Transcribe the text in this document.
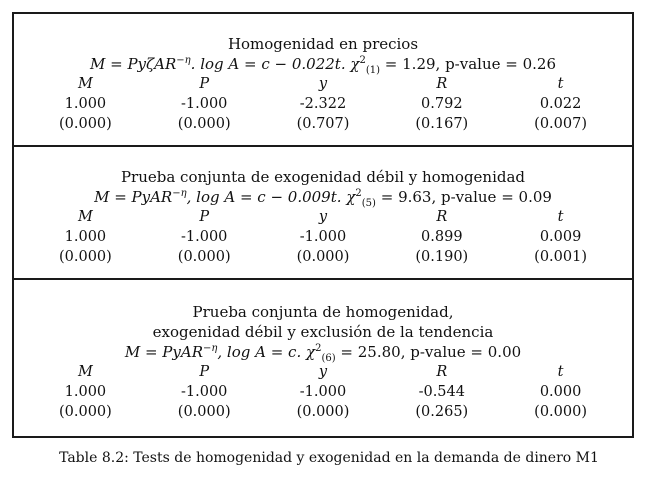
Homogenidad en precios
M = PyζAR$^{-\eta}$. log A = c − 0.022t. $\chi^2_{(1)} = 1.29$, p-value = 0.26
M	P	y	R	t
1.000	-1.000	-2.322	0.792	0.022
(0.000)	(0.000)	(0.707)	(0.167)	(0.007)
Prueba conjunta de exogenidad débil y homogenidad
M = PyAR$^{-\eta}$, log A = c − 0.009t. $\chi^2_{(5)} = 9.63$, p-value = 0.09
M	P	y	R	t
1.000	-1.000	-1.000	0.899	0.009
(0.000)	(0.000)	(0.000)	(0.190)	(0.001)
Prueba conjunta de homogenidad,
exogenidad débil y exclusión de la tendencia
M = PyAR$^{-\eta}$, log A = c. $\chi^2_{(6)} = 25.80$, p-value = 0.00
M	P	y	R	t
1.000	-1.000	-1.000	-0.544	0.000
(0.000)	(0.000)	(0.000)	(0.265)	(0.000)
Table 8.2: Tests de homogenidad y exogenidad en la demanda de dinero M1
